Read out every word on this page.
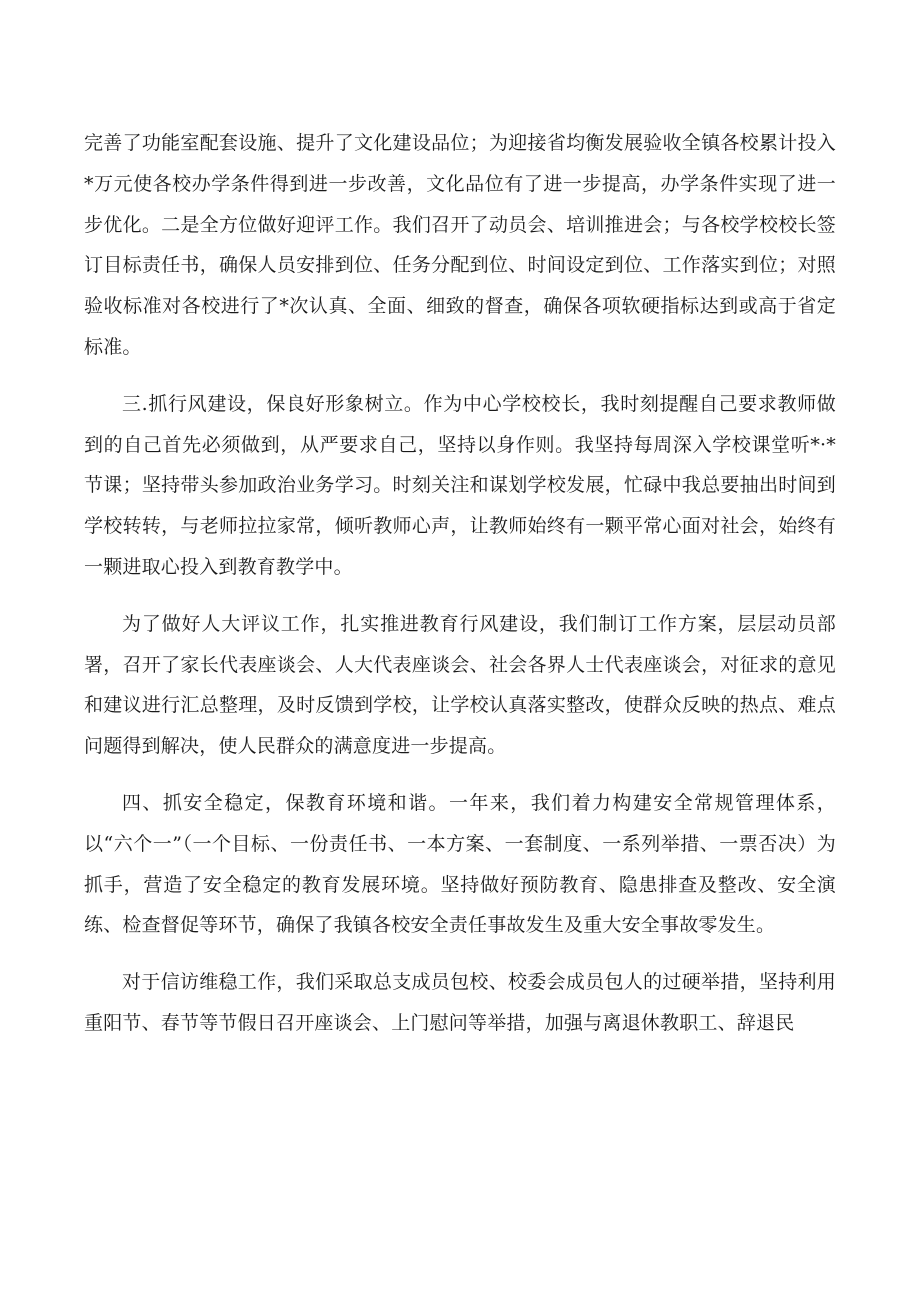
完善了功能室配套设施、提升了文化建设品位；为迎接省均衡发展验收全镇各校累计投入*万元使各校办学条件得到进一步改善，文化品位有了进一步提高，办学条件实现了进一步优化。二是全方位做好迎评工作。我们召开了动员会、培训推进会；与各校学校校长签订目标责任书，确保人员安排到位、任务分配到位、时间设定到位、工作落实到位；对照验收标准对各校进行了*次认真、全面、细致的督查，确保各项软硬指标达到或高于省定标准。

三.抓行风建设，保良好形象树立。作为中心学校校长，我时刻提醒自己要求教师做到的自己首先必须做到，从严要求自己，坚持以身作则。我坚持每周深入学校课堂听*·*节课；坚持带头参加政治业务学习。时刻关注和谋划学校发展，忙碌中我总要抽出时间到学校转转，与老师拉拉家常，倾听教师心声，让教师始终有一颗平常心面对社会，始终有一颗进取心投入到教育教学中。

为了做好人大评议工作，扎实推进教育行风建设，我们制订工作方案，层层动员部署，召开了家长代表座谈会、人大代表座谈会、社会各界人士代表座谈会，对征求的意见和建议进行汇总整理，及时反馈到学校，让学校认真落实整改，使群众反映的热点、难点问题得到解决，使人民群众的满意度进一步提高。

四、抓安全稳定，保教育环境和谐。一年来，我们着力构建安全常规管理体系，以“六个一”（一个目标、一份责任书、一本方案、一套制度、一系列举措、一票否决）为抓手，营造了安全稳定的教育发展环境。坚持做好预防教育、隐患排查及整改、安全演练、检查督促等环节，确保了我镇各校安全责任事故发生及重大安全事故零发生。

对于信访维稳工作，我们采取总支成员包校、校委会成员包人的过硬举措，坚持利用重阳节、春节等节假日召开座谈会、上门慰问等举措，加强与离退休教职工、辞退民
